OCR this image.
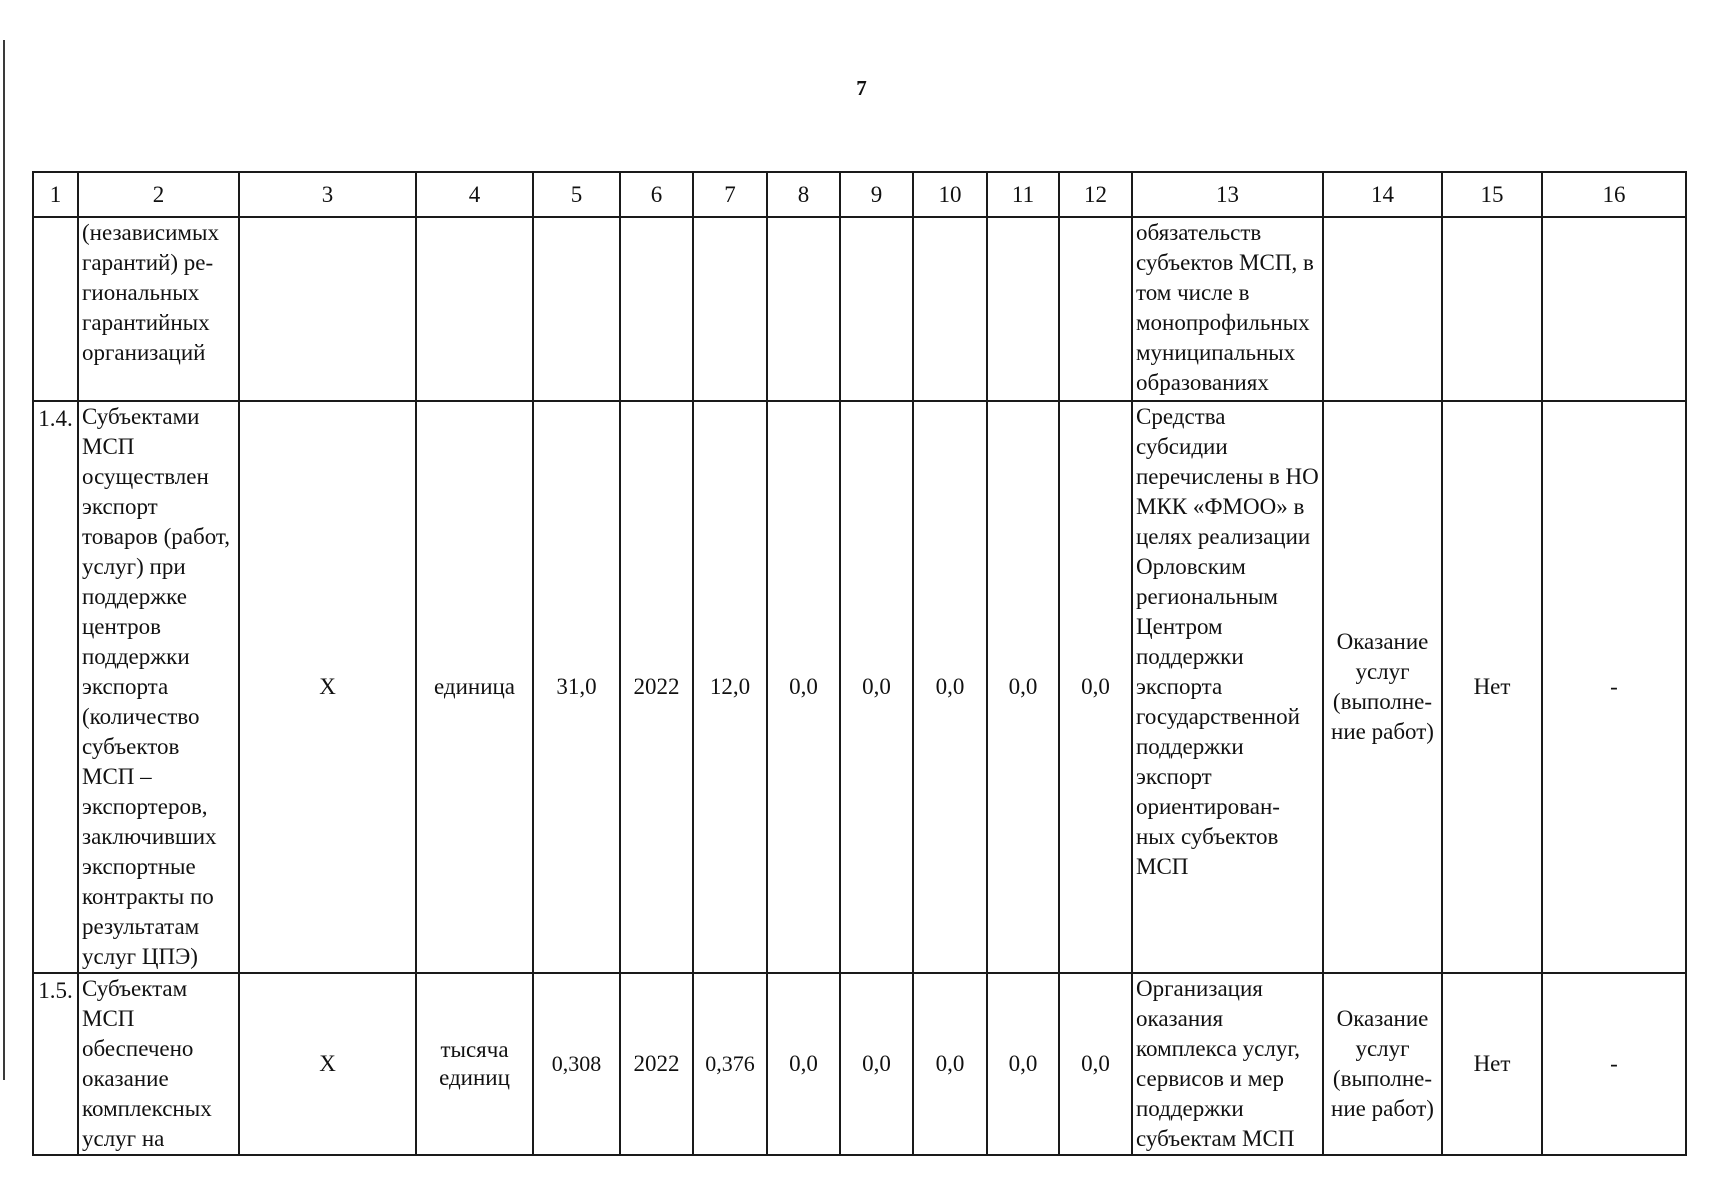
7
1	2	3	4	5	6	7	8	9	10	11	12	13	14	15	16
	(независимых гарантий) ре-гиональных гарантийных организаций											обязательств субъектов МСП, в том числе в монопрофильных муниципальных образованиях			
1.4.	Субъектами МСП осуществлен экспорт товаров (работ, услуг) при поддержке центров поддержки экспорта (количество субъектов МСП – экспортеров, заключивших экспортные контракты по результатам услуг ЦПЭ)	X	единица	31,0	2022	12,0	0,0	0,0	0,0	0,0	0,0	Средства субсидии перечислены в НО МКК «ФМОО» в целях реализации Орловским региональным Центром поддержки экспорта государственной поддержки экспорт ориентирован-ных субъектов МСП	Оказание услуг (выполне-ние работ)	Нет	-
1.5.	Субъектам МСП обеспечено оказание комплексных услуг на	X	тысяча единиц	0,308	2022	0,376	0,0	0,0	0,0	0,0	0,0	Организация оказания комплекса услуг, сервисов и мер поддержки субъектам МСП	Оказание услуг (выполне-ние работ)	Нет	-
